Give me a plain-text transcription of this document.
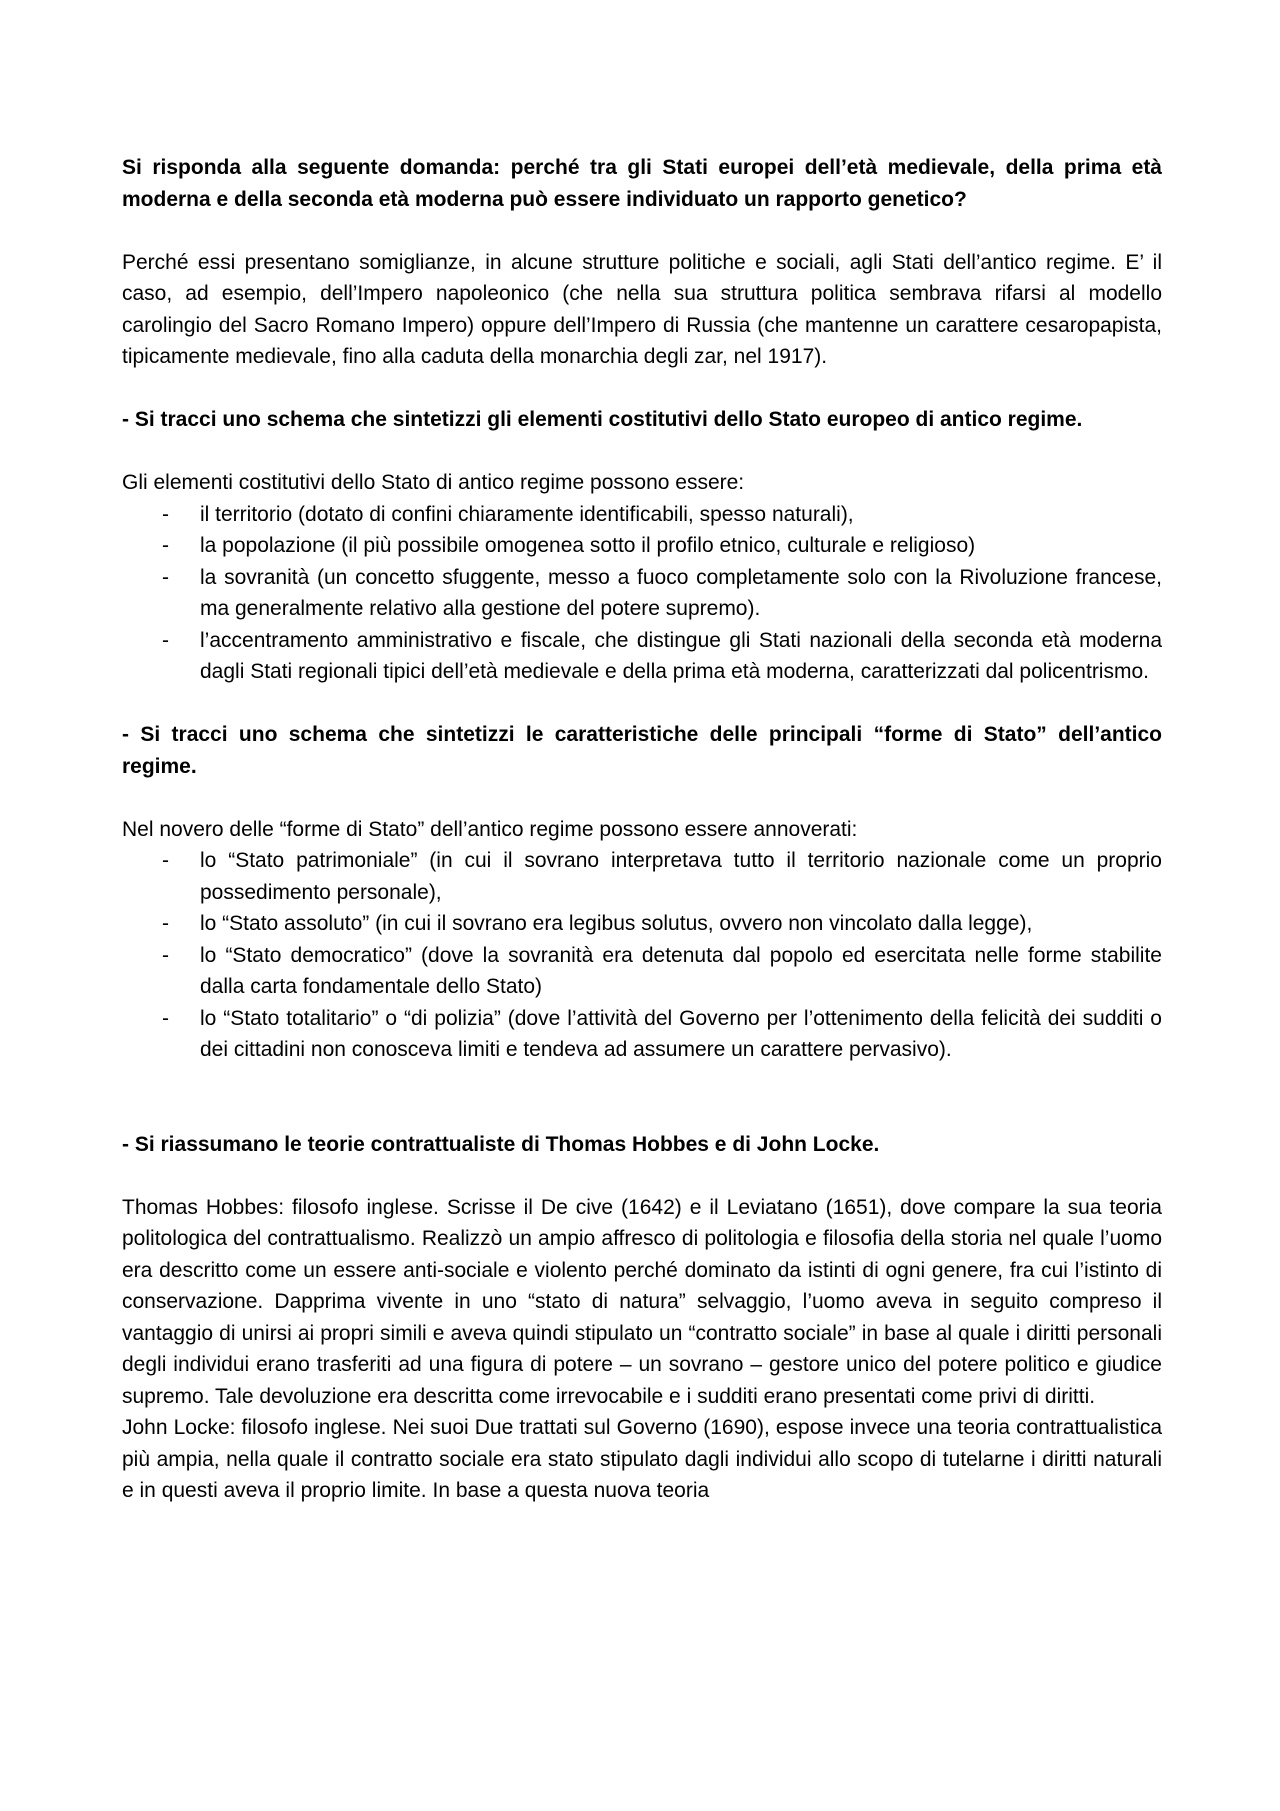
Si risponda alla seguente domanda: perché tra gli Stati europei dell’età medievale, della prima età moderna e della seconda età moderna può essere individuato un rapporto genetico?

Perché essi presentano somiglianze, in alcune strutture politiche e sociali, agli Stati dell’antico regime. E’ il caso, ad esempio, dell’Impero napoleonico (che nella sua struttura politica sembrava rifarsi al modello carolingio del Sacro Romano Impero) oppure dell’Impero di Russia (che mantenne un carattere cesaropapista, tipicamente medievale, fino alla caduta della monarchia degli zar, nel 1917).

- Si tracci uno schema che sintetizzi gli elementi costitutivi dello Stato europeo di antico regime.

Gli elementi costitutivi dello Stato di antico regime possono essere:

- il territorio (dotato di confini chiaramente identificabili, spesso naturali),
- la popolazione (il più possibile omogenea sotto il profilo etnico, culturale e religioso)
- la sovranità (un concetto sfuggente, messo a fuoco completamente solo con la Rivoluzione francese, ma generalmente relativo alla gestione del potere supremo).
- l’accentramento amministrativo e fiscale, che distingue gli Stati nazionali della seconda età moderna dagli Stati regionali tipici dell’età medievale e della prima età moderna, caratterizzati dal policentrismo.

- Si tracci uno schema che sintetizzi le caratteristiche delle principali “forme di Stato” dell’antico regime.

Nel novero delle “forme di Stato” dell’antico regime possono essere annoverati:

- lo “Stato patrimoniale” (in cui il sovrano interpretava tutto il territorio nazionale come un proprio possedimento personale),
- lo “Stato assoluto” (in cui il sovrano era legibus solutus, ovvero non vincolato dalla legge),
- lo “Stato democratico” (dove la sovranità era detenuta dal popolo ed esercitata nelle forme stabilite dalla carta fondamentale dello Stato)
- lo “Stato totalitario” o “di polizia” (dove l’attività del Governo per l’ottenimento della felicità dei sudditi o dei cittadini non conosceva limiti e tendeva ad assumere un carattere pervasivo).

- Si riassumano le teorie contrattualiste di Thomas Hobbes e di John Locke.

Thomas Hobbes: filosofo inglese. Scrisse il De cive (1642) e il Leviatano (1651), dove compare la sua teoria politologica del contrattualismo. Realizzò un ampio affresco di politologia e filosofia della storia nel quale l’uomo era descritto come un essere anti-sociale e violento perché dominato da istinti di ogni genere, fra cui l’istinto di conservazione. Dapprima vivente in uno “stato di natura” selvaggio, l’uomo aveva in seguito compreso il vantaggio di unirsi ai propri simili e aveva quindi stipulato un “contratto sociale” in base al quale i diritti personali degli individui erano trasferiti ad una figura di potere – un sovrano – gestore unico del potere politico e giudice supremo. Tale devoluzione era descritta come irrevocabile e i sudditi erano presentati come privi di diritti.

John Locke: filosofo inglese. Nei suoi Due trattati sul Governo (1690), espose invece una teoria contrattualistica più ampia, nella quale il contratto sociale era stato stipulato dagli individui allo scopo di tutelarne i diritti naturali e in questi aveva il proprio limite. In base a questa nuova teoria
